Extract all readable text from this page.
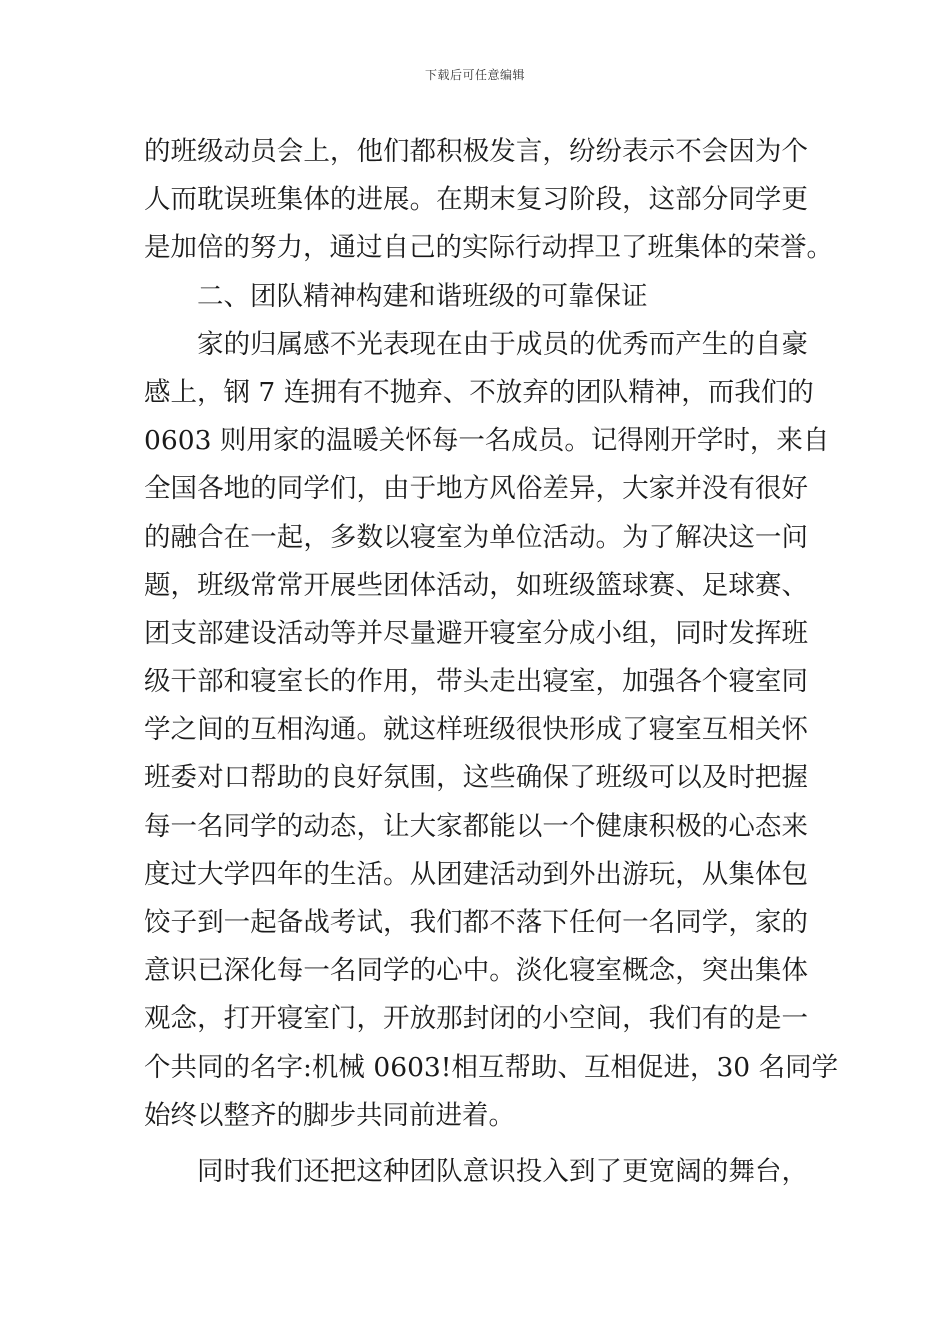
下载后可任意编辑
的班级动员会上，他们都积极发言，纷纷表示不会因为个
人而耽误班集体的进展。在期末复习阶段，这部分同学更
是加倍的努力，通过自己的实际行动捍卫了班集体的荣誉。
二、团队精神构建和谐班级的可靠保证
家的归属感不光表现在由于成员的优秀而产生的自豪
感上，钢 7 连拥有不抛弃、不放弃的团队精神，而我们的
0603 则用家的温暖关怀每一名成员。记得刚开学时，来自
全国各地的同学们，由于地方风俗差异，大家并没有很好
的融合在一起，多数以寝室为单位活动。为了解决这一问
题，班级常常开展些团体活动，如班级篮球赛、足球赛、
团支部建设活动等并尽量避开寝室分成小组，同时发挥班
级干部和寝室长的作用，带头走出寝室，加强各个寝室同
学之间的互相沟通。就这样班级很快形成了寝室互相关怀
班委对口帮助的良好氛围，这些确保了班级可以及时把握
每一名同学的动态，让大家都能以一个健康积极的心态来
度过大学四年的生活。从团建活动到外出游玩，从集体包
饺子到一起备战考试，我们都不落下任何一名同学，家的
意识已深化每一名同学的心中。淡化寝室概念，突出集体
观念，打开寝室门，开放那封闭的小空间，我们有的是一
个共同的名字:机械 0603!相互帮助、互相促进，30 名同学
始终以整齐的脚步共同前进着。
同时我们还把这种团队意识投入到了更宽阔的舞台，
